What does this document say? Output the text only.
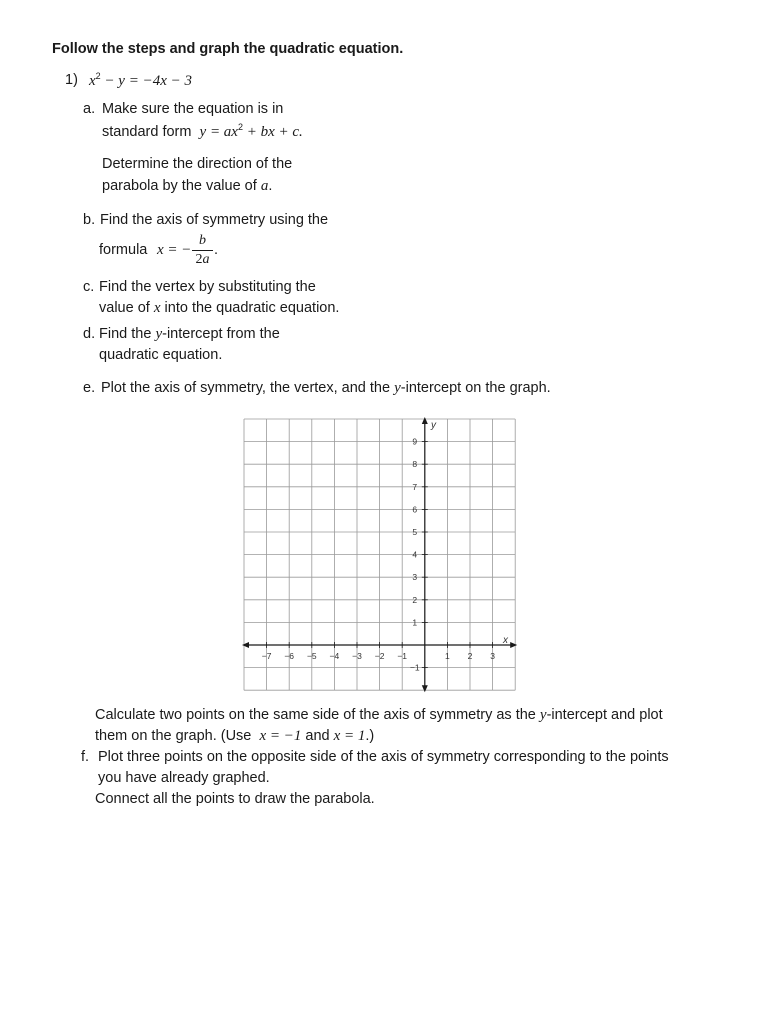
Follow the steps and graph the quadratic equation.
1) $x^2 - y = -4x - 3$
a. Make sure the equation is in
standard form $y = ax^2$ + bx + c.
Determine the direction of the
parabola by the value of a.
b. Find the axis of symmetry using the
formula x = −
b
2a
.
c. Find the vertex by substituting the
value of x into the quadratic equation.
d. Find the y-intercept from the
quadratic equation.
e. Plot the axis of symmetry, the vertex, and the y-intercept on the graph.
−7 −6 −5 −4 −3 −2 −1	1 2 3
9
8
7
6
5
4
3
2
1
−1
x
y
Calculate two points on the same side of the axis of symmetry as the y-intercept and plot
them on the graph. (Use x = −1 and x = 1.)
f. Plot three points on the opposite side of the axis of symmetry corresponding to the points
you have already graphed.
Connect all the points to draw the parabola.
